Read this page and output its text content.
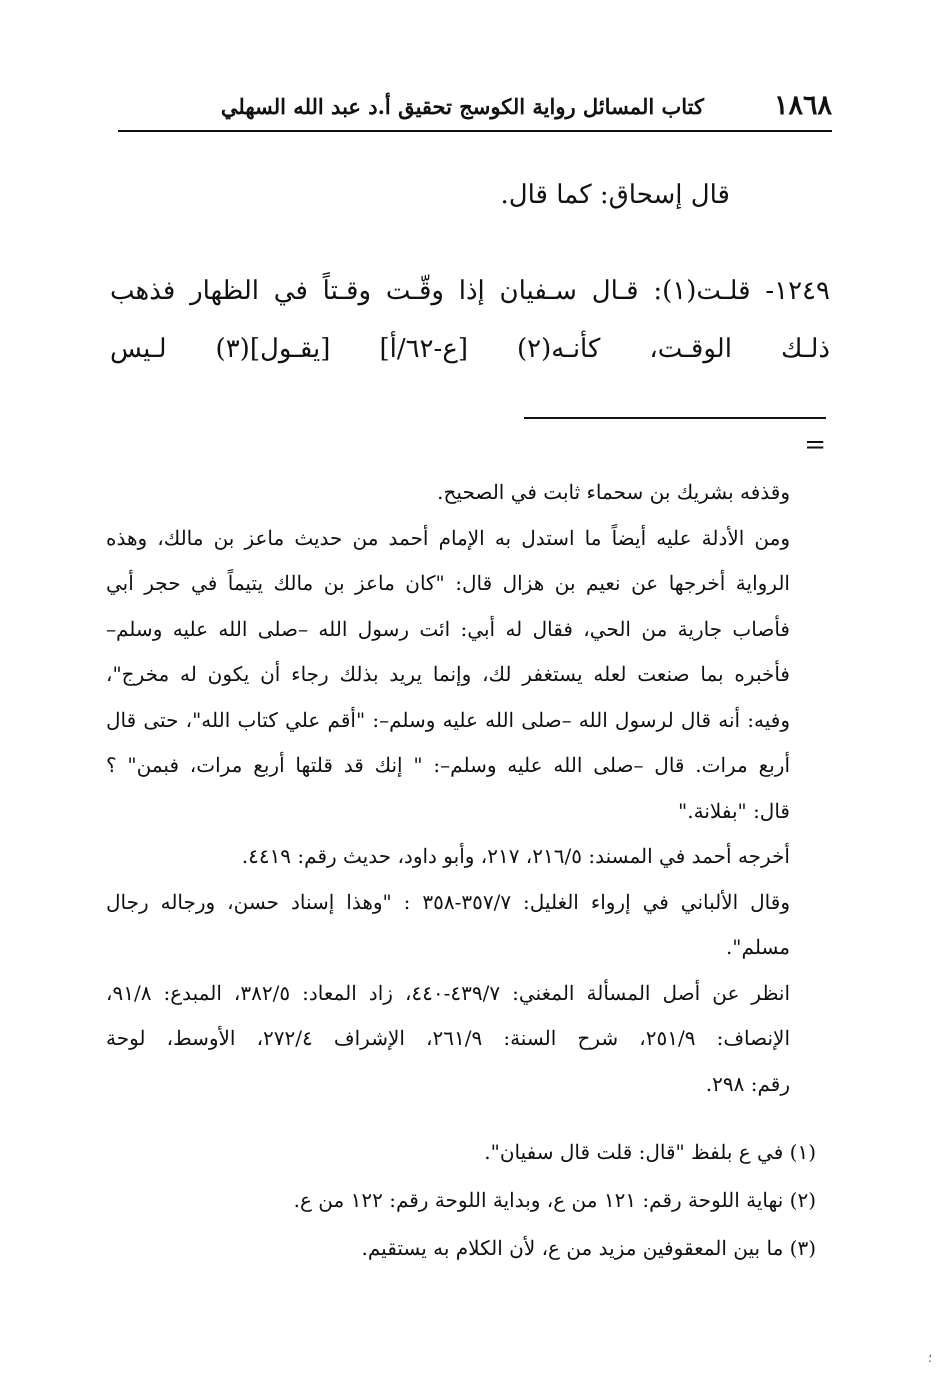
١٨٦٨
كتاب المسائل رواية الكوسج تحقيق أ.د عبد الله السهلي
قال إسحاق: كما قال.
١٢٤٩- قلـت(١): قـال سـفيان إذا وقّـت وقـتاً في الظهار فذهب
ذلـك الوقـت، كأنـه(٢) [ع-٦٢/أ] [يقـول](٣) لـيس
=

وقذفه بشريك بن سحماء ثابت في الصحيح.

ومن الأدلة عليه أيضاً ما استدل به الإمام أحمد من حديث ماعز بن مالك، وهذه

الرواية أخرجها عن نعيم بن هزال قال: "كان ماعز بن مالك يتيماً في حجر أبي

فأصاب جارية من الحي، فقال له أبي: ائت رسول الله –صلى الله عليه وسلم–

فأخبره بما صنعت لعله يستغفر لك، وإنما يريد بذلك رجاء أن يكون له مخرج"،

وفيه: أنه قال لرسول الله –صلى الله عليه وسلم–: "أقم علي كتاب الله"، حتى قال

أربع مرات. قال –صلى الله عليه وسلم–: " إنك قد قلتها أربع مرات، فبمن" ؟

قال: "بفلانة."

أخرجه أحمد في المسند: ٢١٦/٥، ٢١٧، وأبو داود، حديث رقم: ٤٤١٩.

وقال الألباني في إرواء الغليل: ٣٥٧/٧-٣٥٨ : "وهذا إسناد حسن، ورجاله رجال

مسلم".

انظر عن أصل المسألة المغني: ٤٣٩/٧-٤٤٠، زاد المعاد: ٣٨٢/٥، المبدع: ٩١/٨،

الإنصاف: ٢٥١/٩، شرح السنة: ٢٦١/٩، الإشراف ٢٧٢/٤، الأوسط، لوحة

رقم: ٢٩٨.

(١) في ع بلفظ "قال: قلت قال سفيان".

(٢) نهاية اللوحة رقم: ١٢١ من ع، وبداية اللوحة رقم: ١٢٢ من ع.

(٣) ما بين المعقوفين مزيد من ع، لأن الكلام به يستقيم.

؛
